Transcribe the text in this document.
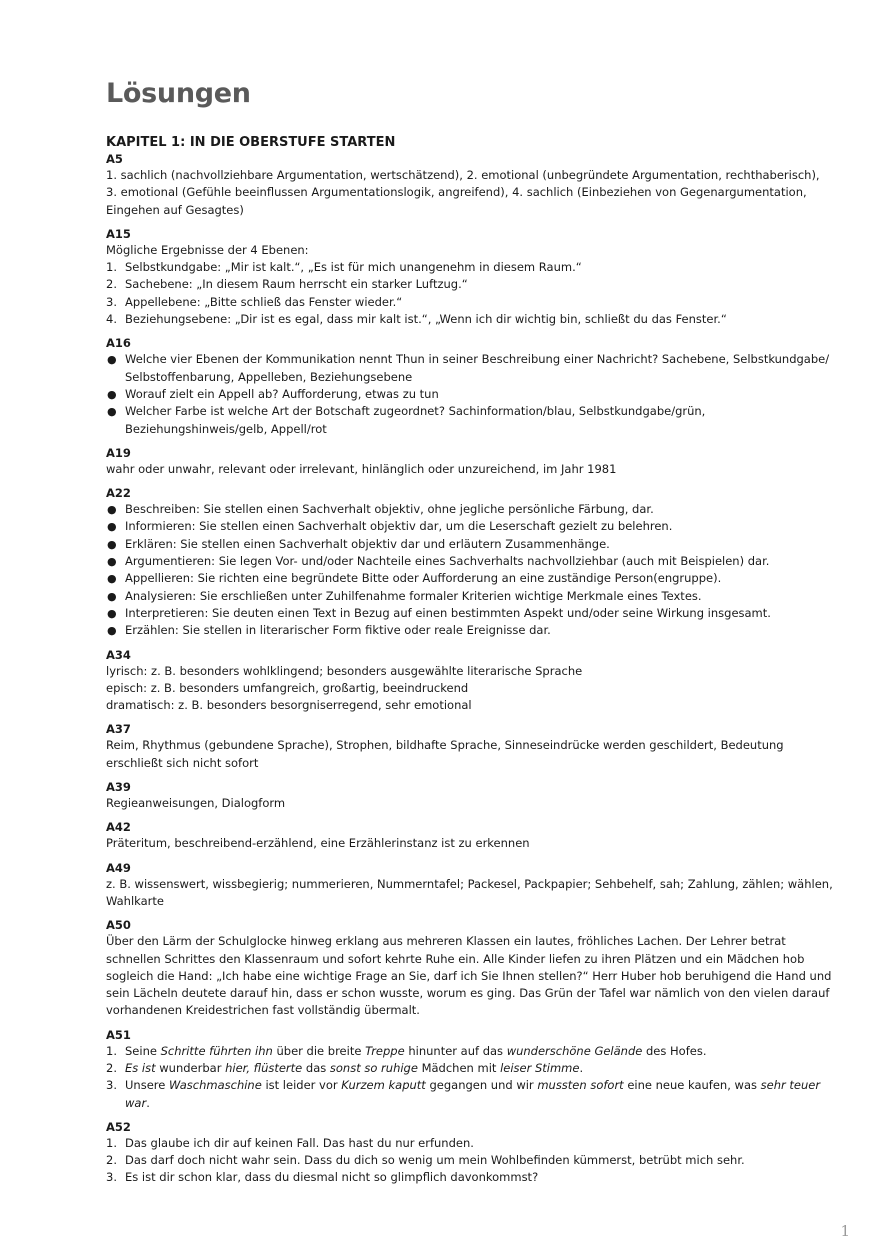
Lösungen
KAPITEL 1: IN DIE OBERSTUFE STARTEN

A5

1. sachlich (nachvollziehbare Argumentation, wertschätzend), 2. emotional (unbegründete Argumentation, rechthaberisch), 3. emotional (Gefühle beeinflussen Argumentationslogik, angreifend), 4. sachlich (Einbeziehen von Gegenargumentation, Eingehen auf Gesagtes)

A15

Mögliche Ergebnisse der 4 Ebenen:

1. Selbstkundgabe: „Mir ist kalt.“, „Es ist für mich unangenehm in diesem Raum.“
2. Sachebene: „In diesem Raum herrscht ein starker Luftzug.“
3. Appellebene: „Bitte schließ das Fenster wieder.“
4. Beziehungsebene: „Dir ist es egal, dass mir kalt ist.“, „Wenn ich dir wichtig bin, schließt du das Fenster.“

A16

● Welche vier Ebenen der Kommunikation nennt Thun in seiner Beschreibung einer Nachricht? Sachebene, Selbstkundgabe/ Selbstoffenbarung, Appelleben, Beziehungsebene
● Worauf zielt ein Appell ab? Aufforderung, etwas zu tun
● Welcher Farbe ist welche Art der Botschaft zugeordnet? Sachinformation/blau, Selbstkundgabe/grün, Beziehungshinweis/gelb, Appell/rot

A19

wahr oder unwahr, relevant oder irrelevant, hinlänglich oder unzureichend, im Jahr 1981

A22

● Beschreiben: Sie stellen einen Sachverhalt objektiv, ohne jegliche persönliche Färbung, dar.
● Informieren: Sie stellen einen Sachverhalt objektiv dar, um die Leserschaft gezielt zu belehren.
● Erklären: Sie stellen einen Sachverhalt objektiv dar und erläutern Zusammenhänge.
● Argumentieren: Sie legen Vor- und/oder Nachteile eines Sachverhalts nachvollziehbar (auch mit Beispielen) dar.
● Appellieren: Sie richten eine begründete Bitte oder Aufforderung an eine zuständige Person(engruppe).
● Analysieren: Sie erschließen unter Zuhilfenahme formaler Kriterien wichtige Merkmale eines Textes.
● Interpretieren: Sie deuten einen Text in Bezug auf einen bestimmten Aspekt und/oder seine Wirkung insgesamt.
● Erzählen: Sie stellen in literarischer Form fiktive oder reale Ereignisse dar.

A34

lyrisch: z. B. besonders wohlklingend; besonders ausgewählte literarische Sprache

episch: z. B. besonders umfangreich, großartig, beeindruckend

dramatisch: z. B. besonders besorgniserregend, sehr emotional

A37

Reim, Rhythmus (gebundene Sprache), Strophen, bildhafte Sprache, Sinneseindrücke werden geschildert, Bedeutung erschließt sich nicht sofort

A39

Regieanweisungen, Dialogform

A42

Präteritum, beschreibend-erzählend, eine Erzählerinstanz ist zu erkennen

A49

z. B. wissenswert, wissbegierig; nummerieren, Nummerntafel; Packesel, Packpapier; Sehbehelf, sah; Zahlung, zählen; wählen, Wahlkarte

A50

Über den Lärm der Schulglocke hinweg erklang aus mehreren Klassen ein lautes, fröhliches Lachen. Der Lehrer betrat schnellen Schrittes den Klassenraum und sofort kehrte Ruhe ein. Alle Kinder liefen zu ihren Plätzen und ein Mädchen hob sogleich die Hand: „Ich habe eine wichtige Frage an Sie, darf ich Sie Ihnen stellen?“ Herr Huber hob beruhigend die Hand und sein Lächeln deutete darauf hin, dass er schon wusste, worum es ging. Das Grün der Tafel war nämlich von den vielen darauf vorhandenen Kreidestrichen fast vollständig übermalt.

A51

1. Seine Schritte führten ihn über die breite Treppe hinunter auf das wunderschöne Gelände des Hofes.
2. Es ist wunderbar hier, flüsterte das sonst so ruhige Mädchen mit leiser Stimme.
3. Unsere Waschmaschine ist leider vor Kurzem kaputt gegangen und wir mussten sofort eine neue kaufen, was sehr teuer war.

A52

1. Das glaube ich dir auf keinen Fall. Das hast du nur erfunden.
2. Das darf doch nicht wahr sein. Dass du dich so wenig um mein Wohlbefinden kümmerst, betrübt mich sehr.
3. Es ist dir schon klar, dass du diesmal nicht so glimpflich davonkommst?
1
